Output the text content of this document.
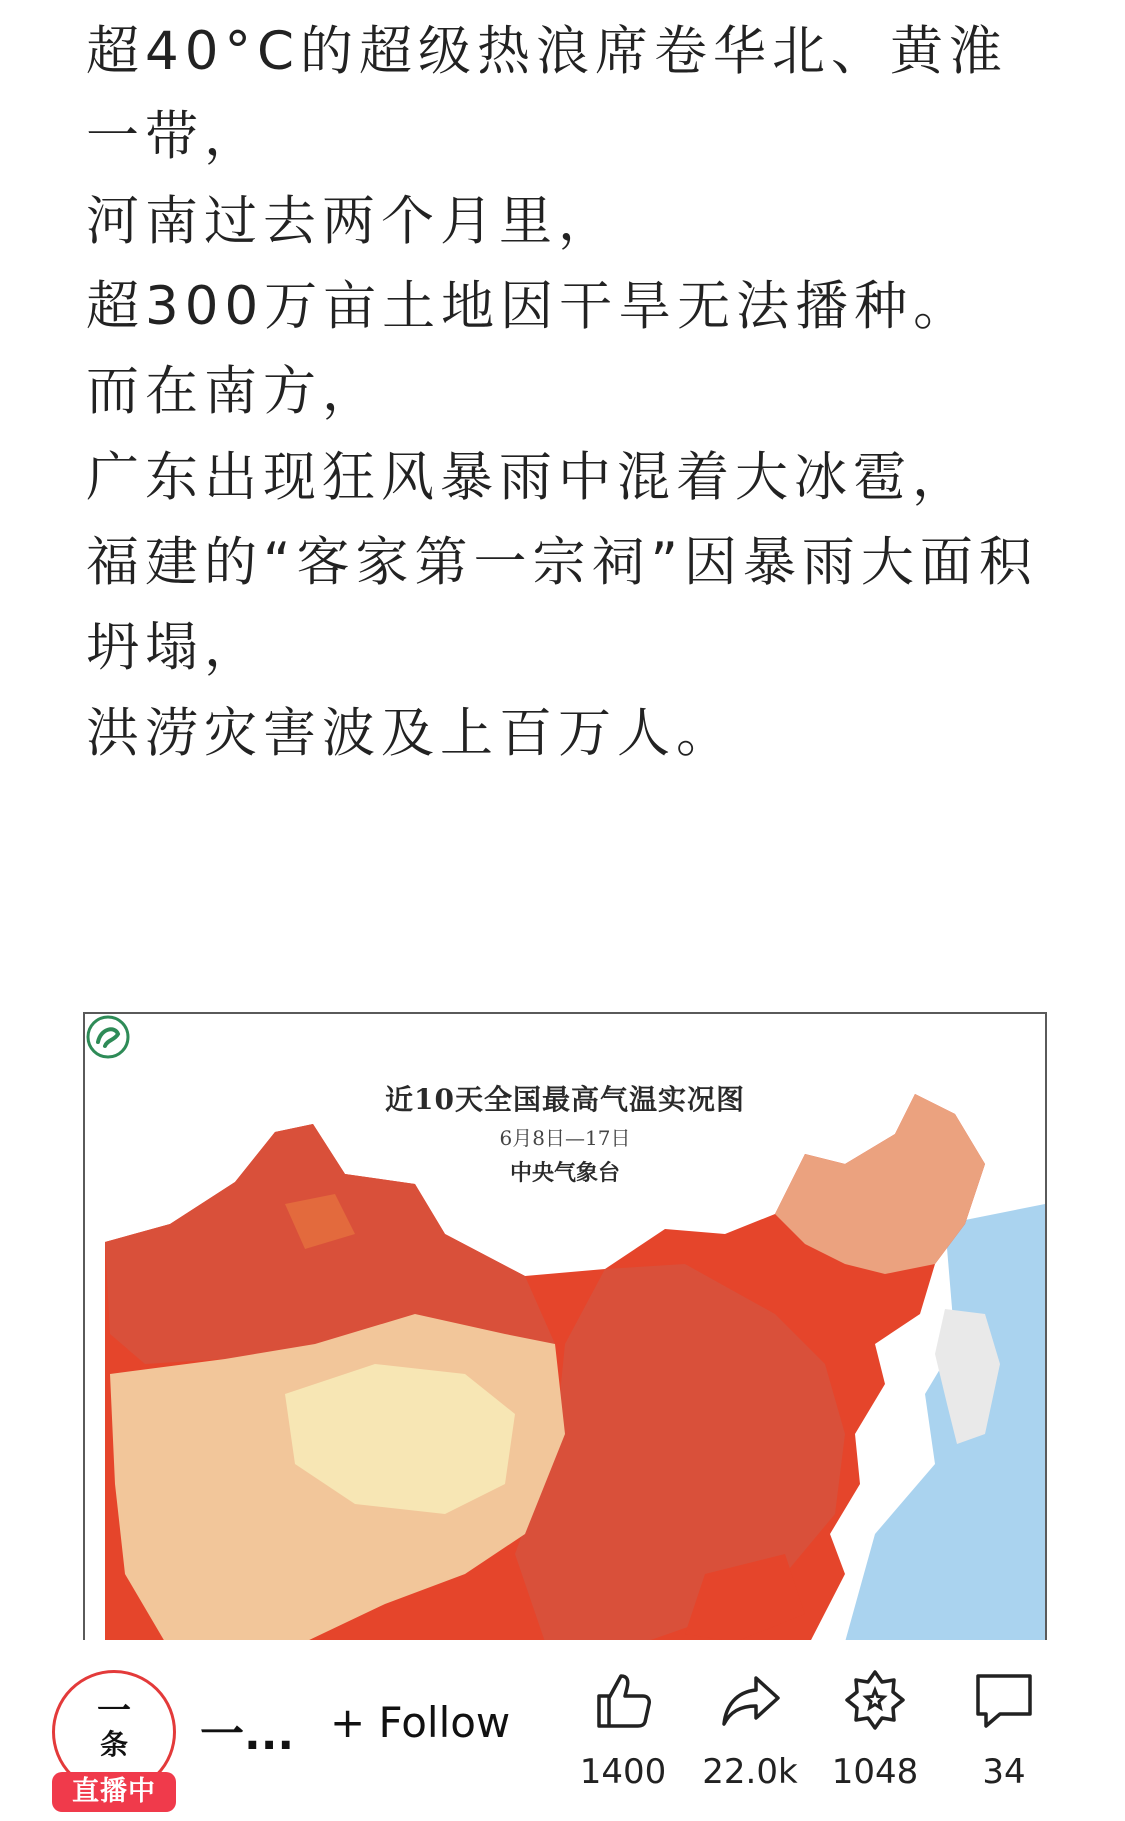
超40°C的超级热浪席卷华北、黄淮
一带，
河南过去两个月里，
超300万亩土地因干旱无法播种。
而在南方，
广东出现狂风暴雨中混着大冰雹，
福建的“客家第一宗祠”因暴雨大面积
坍塌，
洪涝灾害波及上百万人。
近10天全国最高气温实况图
6月8日—17日
中央气象台
一
条
直播中
一... + Follow
1400	22.0k	1048	34
